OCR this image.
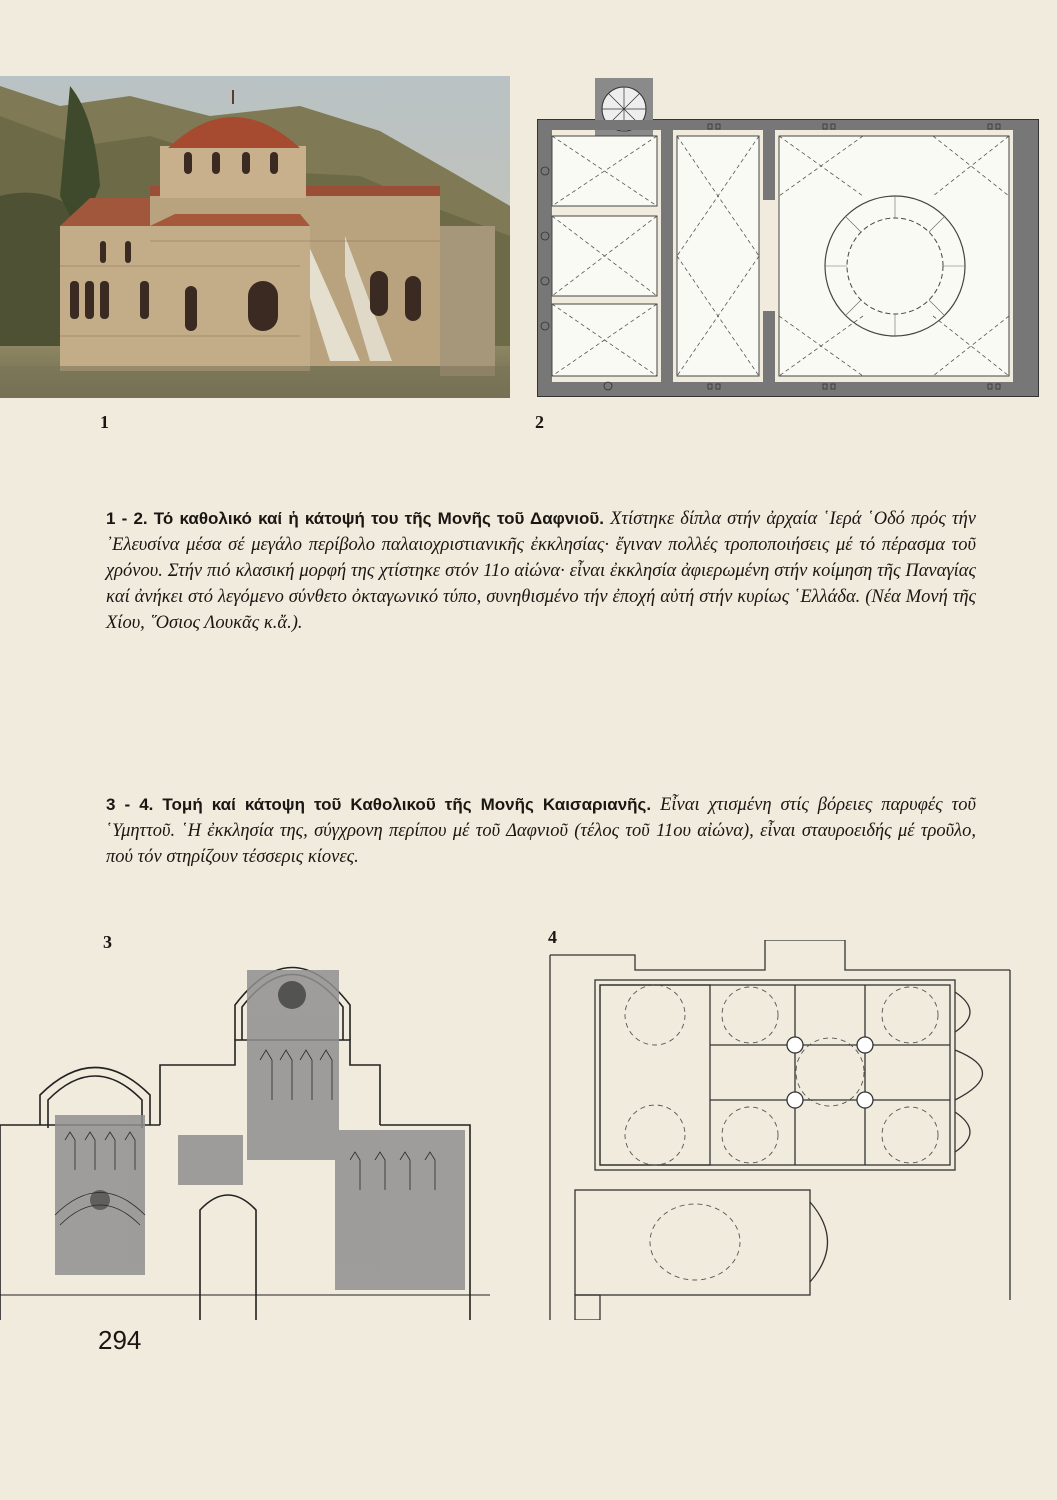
1	2
1 - 2. Τό καθολικό καί ἡ κάτοψή του τῆς Μονῆς τοῦ Δαφνιοῦ. Χτίστηκε δίπλα στήν ἀρχαία ῾Ιερά ῾Οδό πρός τήν ᾿Ελευσίνα μέσα σέ μεγάλο περίβολο παλαιοχριστιανικῆς ἐκκλησίας· ἔγιναν πολλές τροποποιήσεις μέ τό πέρασμα τοῦ χρόνου. Στήν πιό κλασική μορφή της χτίστηκε στόν 11ο αἰώνα· εἶναι ἐκκλησία ἀφιερωμένη στήν κοίμηση τῆς Παναγίας καί ἀνήκει στό λεγόμενο σύνθετο ὀκταγωνικό τύπο, συνηθισμένο τήν ἐποχή αὐτή στήν κυρίως ῾Ελλάδα. (Νέα Μονή τῆς Χίου, ῞Οσιος Λουκᾶς κ.ἄ.).
3 - 4. Τομή καί κάτοψη τοῦ Καθολικοῦ τῆς Μονῆς Καισαριανῆς. Εἶναι χτισμένη στίς βόρειες παρυφές τοῦ ῾Υμηττοῦ. ῾Η ἐκκλησία της, σύγχρονη περίπου μέ τοῦ Δαφνιοῦ (τέλος τοῦ 11ου αἰώνα), εἶναι σταυροειδής μέ τροῦλο, πού τόν στηρίζουν τέσσερις κίονες.
3	4
294
